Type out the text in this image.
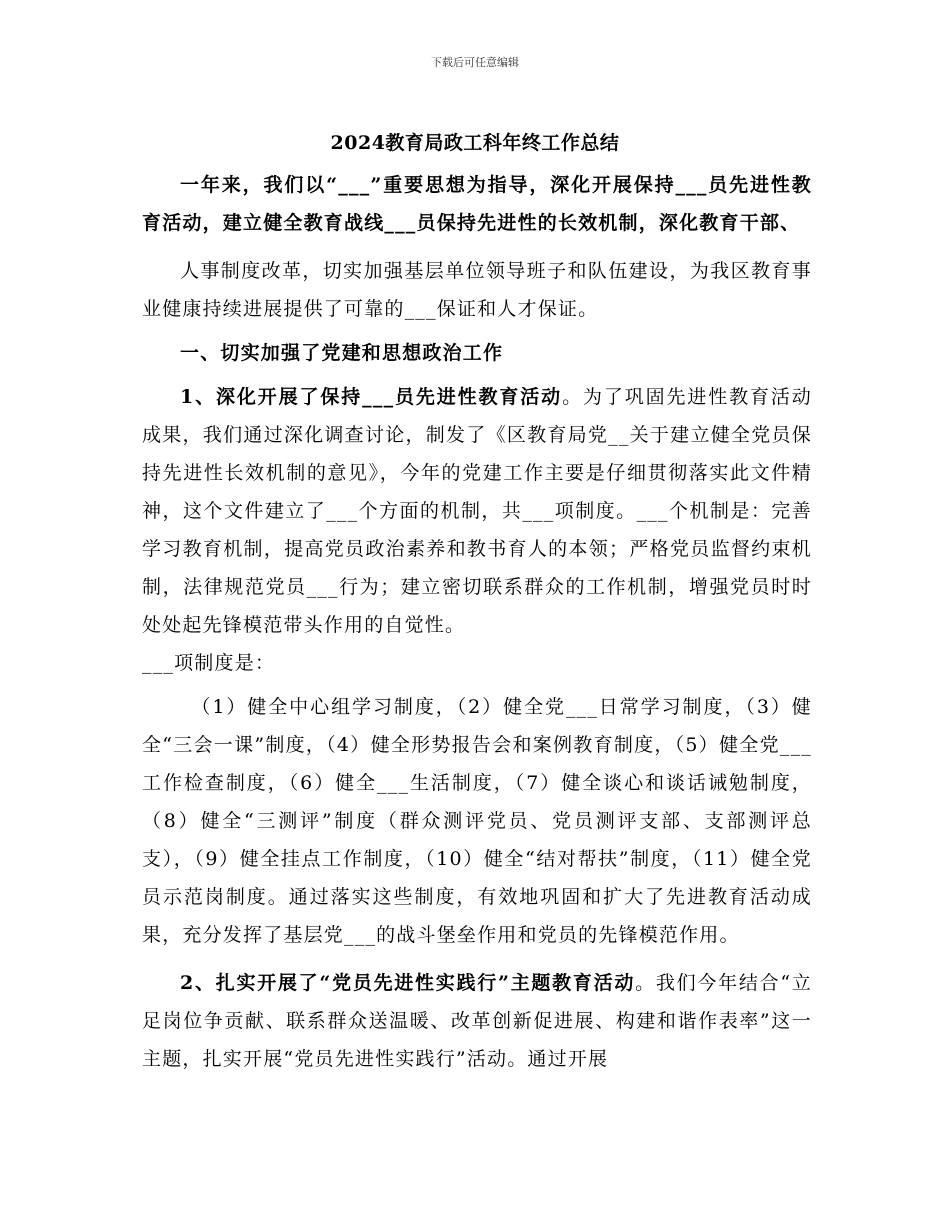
下载后可任意编辑
2024教育局政工科年终工作总结

一年来，我们以“___”重要思想为指导，深化开展保持___员先进性教育活动，建立健全教育战线___员保持先进性的长效机制，深化教育干部、

人事制度改革，切实加强基层单位领导班子和队伍建设，为我区教育事业健康持续进展提供了可靠的___保证和人才保证。

一、切实加强了党建和思想政治工作

1、深化开展了保持___员先进性教育活动。为了巩固先进性教育活动成果，我们通过深化调查讨论，制发了《区教育局党__关于建立健全党员保持先进性长效机制的意见》，今年的党建工作主要是仔细贯彻落实此文件精神，这个文件建立了___个方面的机制，共___项制度。___个机制是：完善学习教育机制，提高党员政治素养和教书育人的本领；严格党员监督约束机制，法律规范党员___行为；建立密切联系群众的工作机制，增强党员时时处处起先锋模范带头作用的自觉性。

___项制度是：

（1）健全中心组学习制度，（2）健全党___日常学习制度，（3）健全“三会一课”制度，（4）健全形势报告会和案例教育制度，（5）健全党___工作检查制度，（6）健全___生活制度，（7）健全谈心和谈话诫勉制度，（8）健全“三测评”制度（群众测评党员、党员测评支部、支部测评总支），（9）健全挂点工作制度，（10）健全“结对帮扶”制度，（11）健全党员示范岗制度。通过落实这些制度，有效地巩固和扩大了先进教育活动成果，充分发挥了基层党___的战斗堡垒作用和党员的先锋模范作用。

2、扎实开展了“党员先进性实践行”主题教育活动。我们今年结合“立足岗位争贡献、联系群众送温暖、改革创新促进展、构建和谐作表率”这一主题，扎实开展“党员先进性实践行”活动。通过开展
